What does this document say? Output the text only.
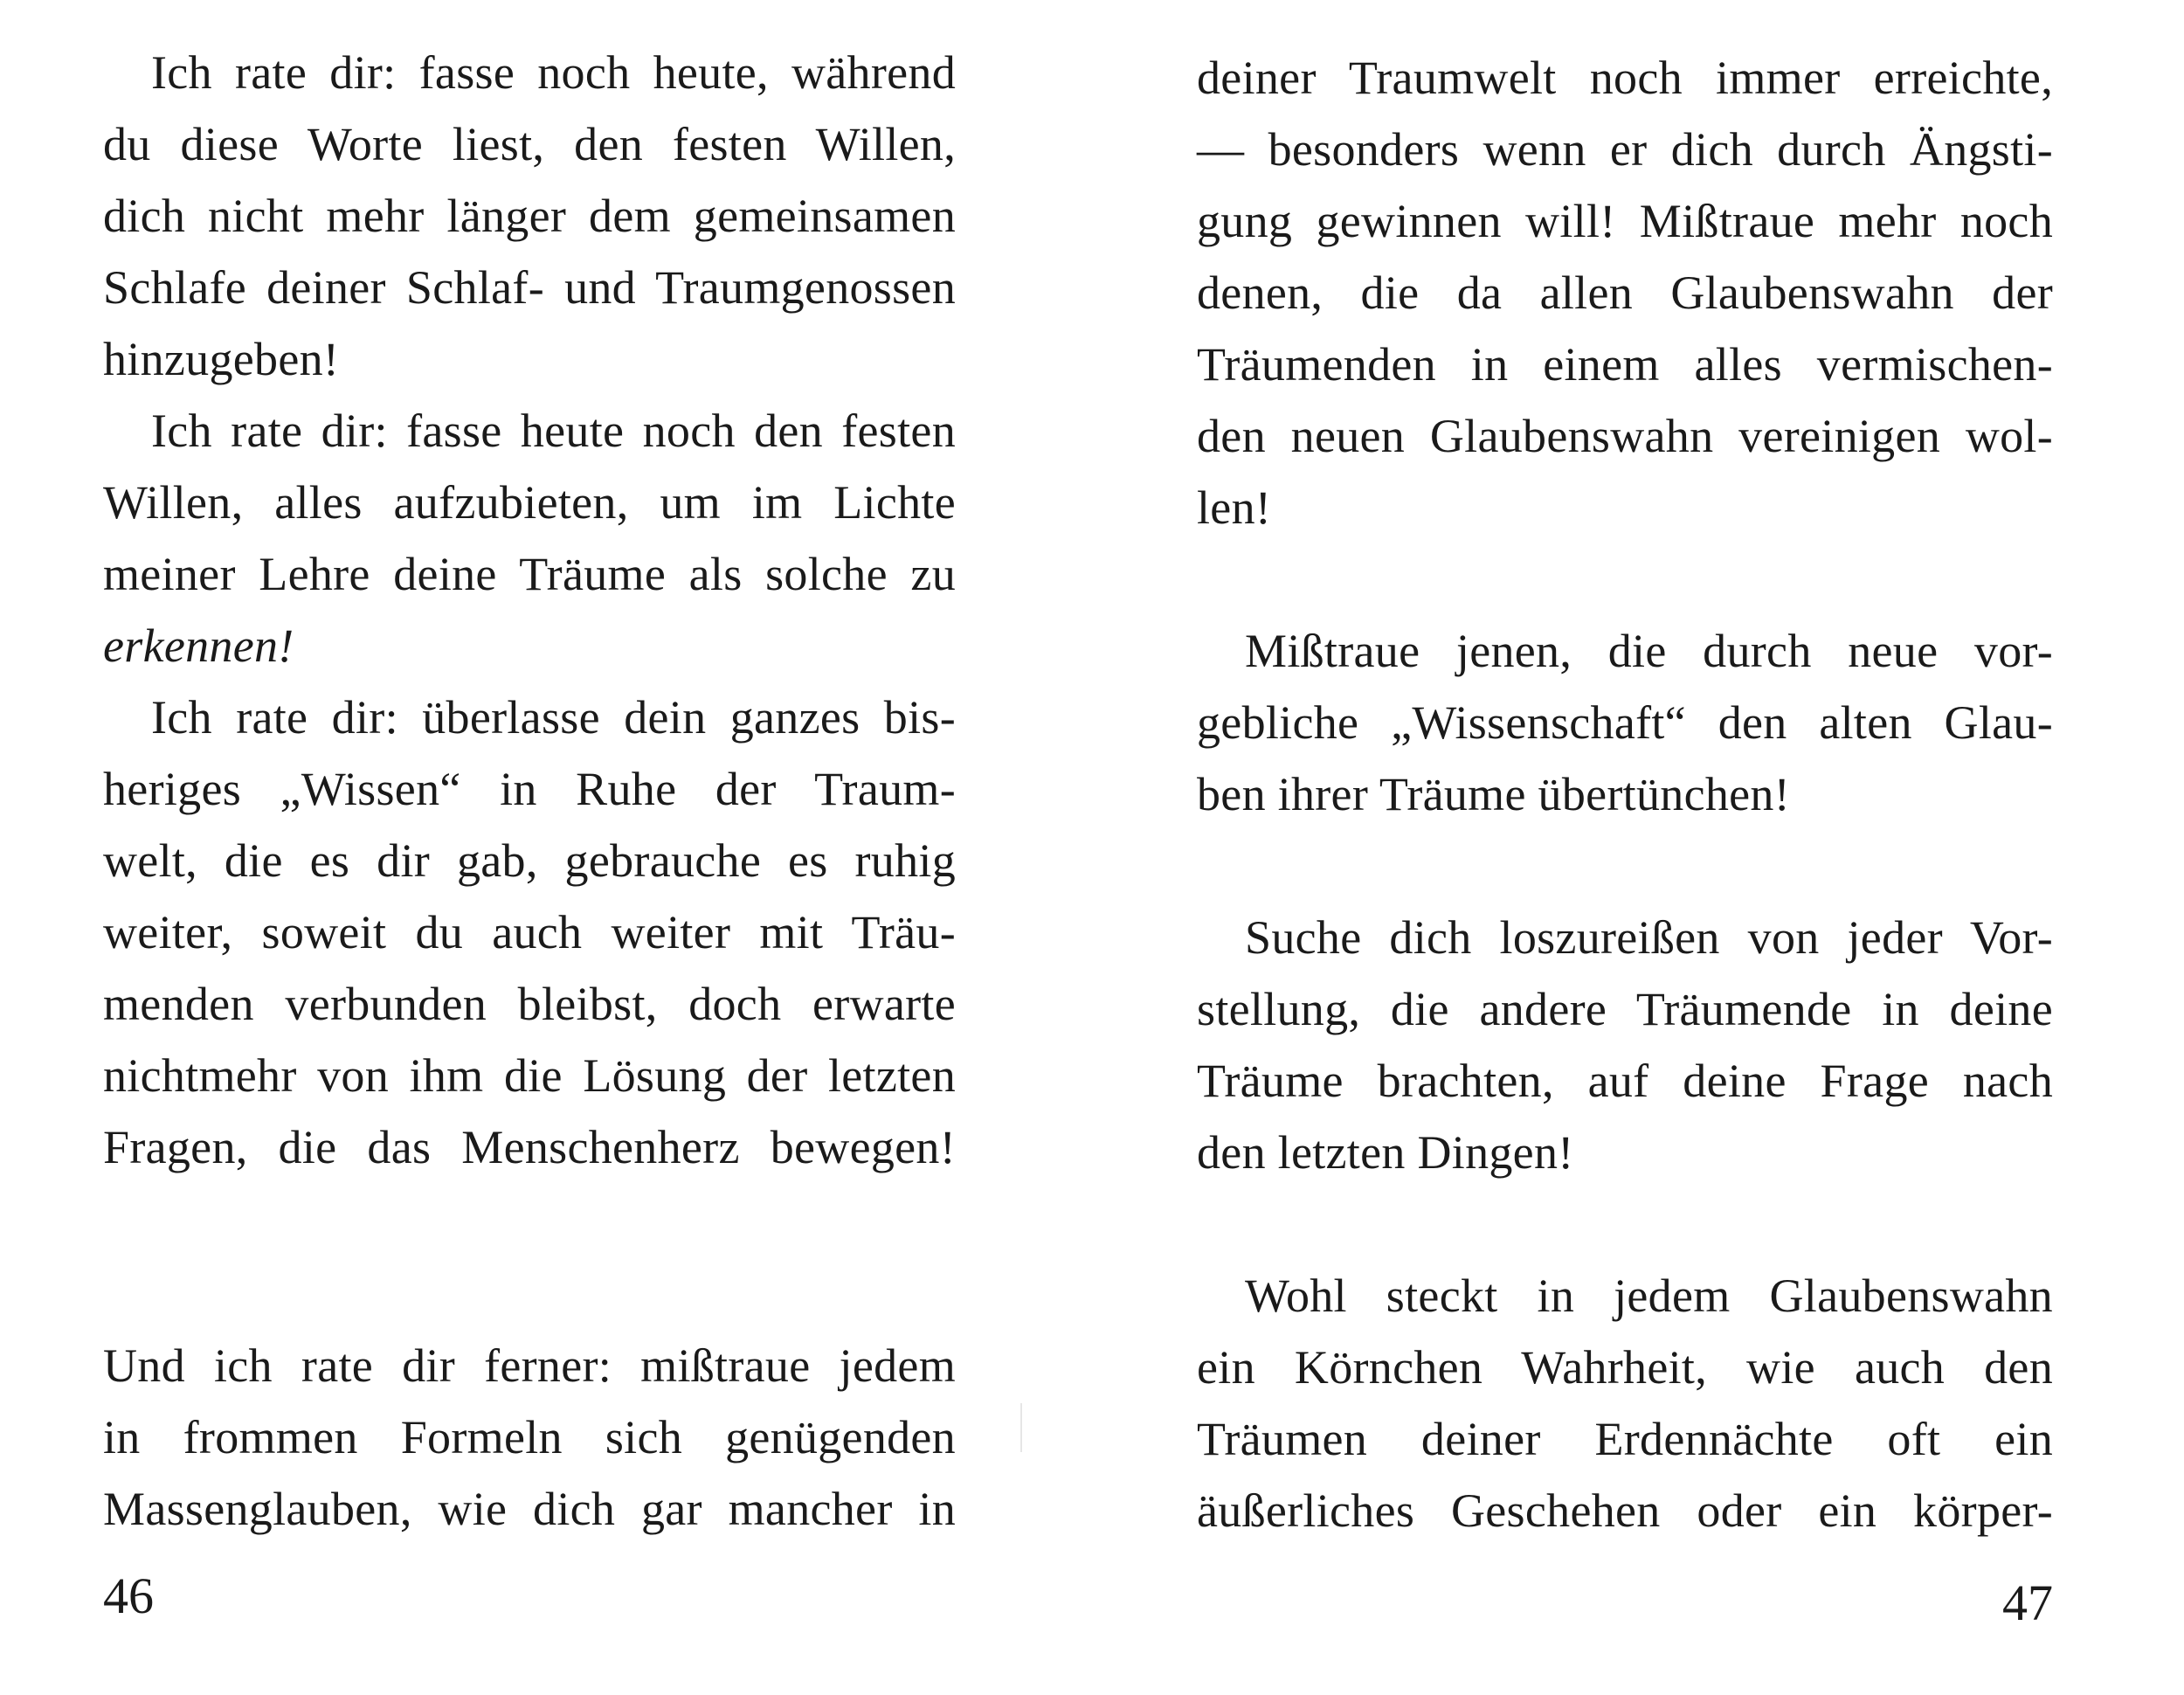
Ich rate dir: fasse noch heute, während
du diese Worte liest, den festen Willen,
dich nicht mehr länger dem gemeinsamen
Schlafe deiner Schlaf- und Traumgenossen
hinzugeben!
Ich rate dir: fasse heute noch den festen
Willen, alles aufzubieten, um im Lichte
meiner Lehre deine Träume als solche zu
erkennen!
Ich rate dir: überlasse dein ganzes bis-
heriges „Wissen“ in Ruhe der Traum-
welt, die es dir gab, gebrauche es ruhig
weiter, soweit du auch weiter mit Träu-
menden verbunden bleibst, doch erwarte
nichtmehr von ihm die Lösung der letzten
Fragen, die das Menschenherz bewegen!
Und ich rate dir ferner: mißtraue jedem
in frommen Formeln sich genügenden
Massenglauben, wie dich gar mancher in
46
deiner Traumwelt noch immer erreichte,
— besonders wenn er dich durch Ängsti-
gung gewinnen will! Mißtraue mehr noch
denen, die da allen Glaubenswahn der
Träumenden in einem alles vermischen-
den neuen Glaubenswahn vereinigen wol-
len!
Mißtraue jenen, die durch neue vor-
gebliche „Wissenschaft“ den alten Glau-
ben ihrer Träume übertünchen!
Suche dich loszureißen von jeder Vor-
stellung, die andere Träumende in deine
Träume brachten, auf deine Frage nach
den letzten Dingen!
Wohl steckt in jedem Glaubenswahn
ein Körnchen Wahrheit, wie auch den
Träumen deiner Erdennächte oft ein
äußerliches Geschehen oder ein körper-
47
